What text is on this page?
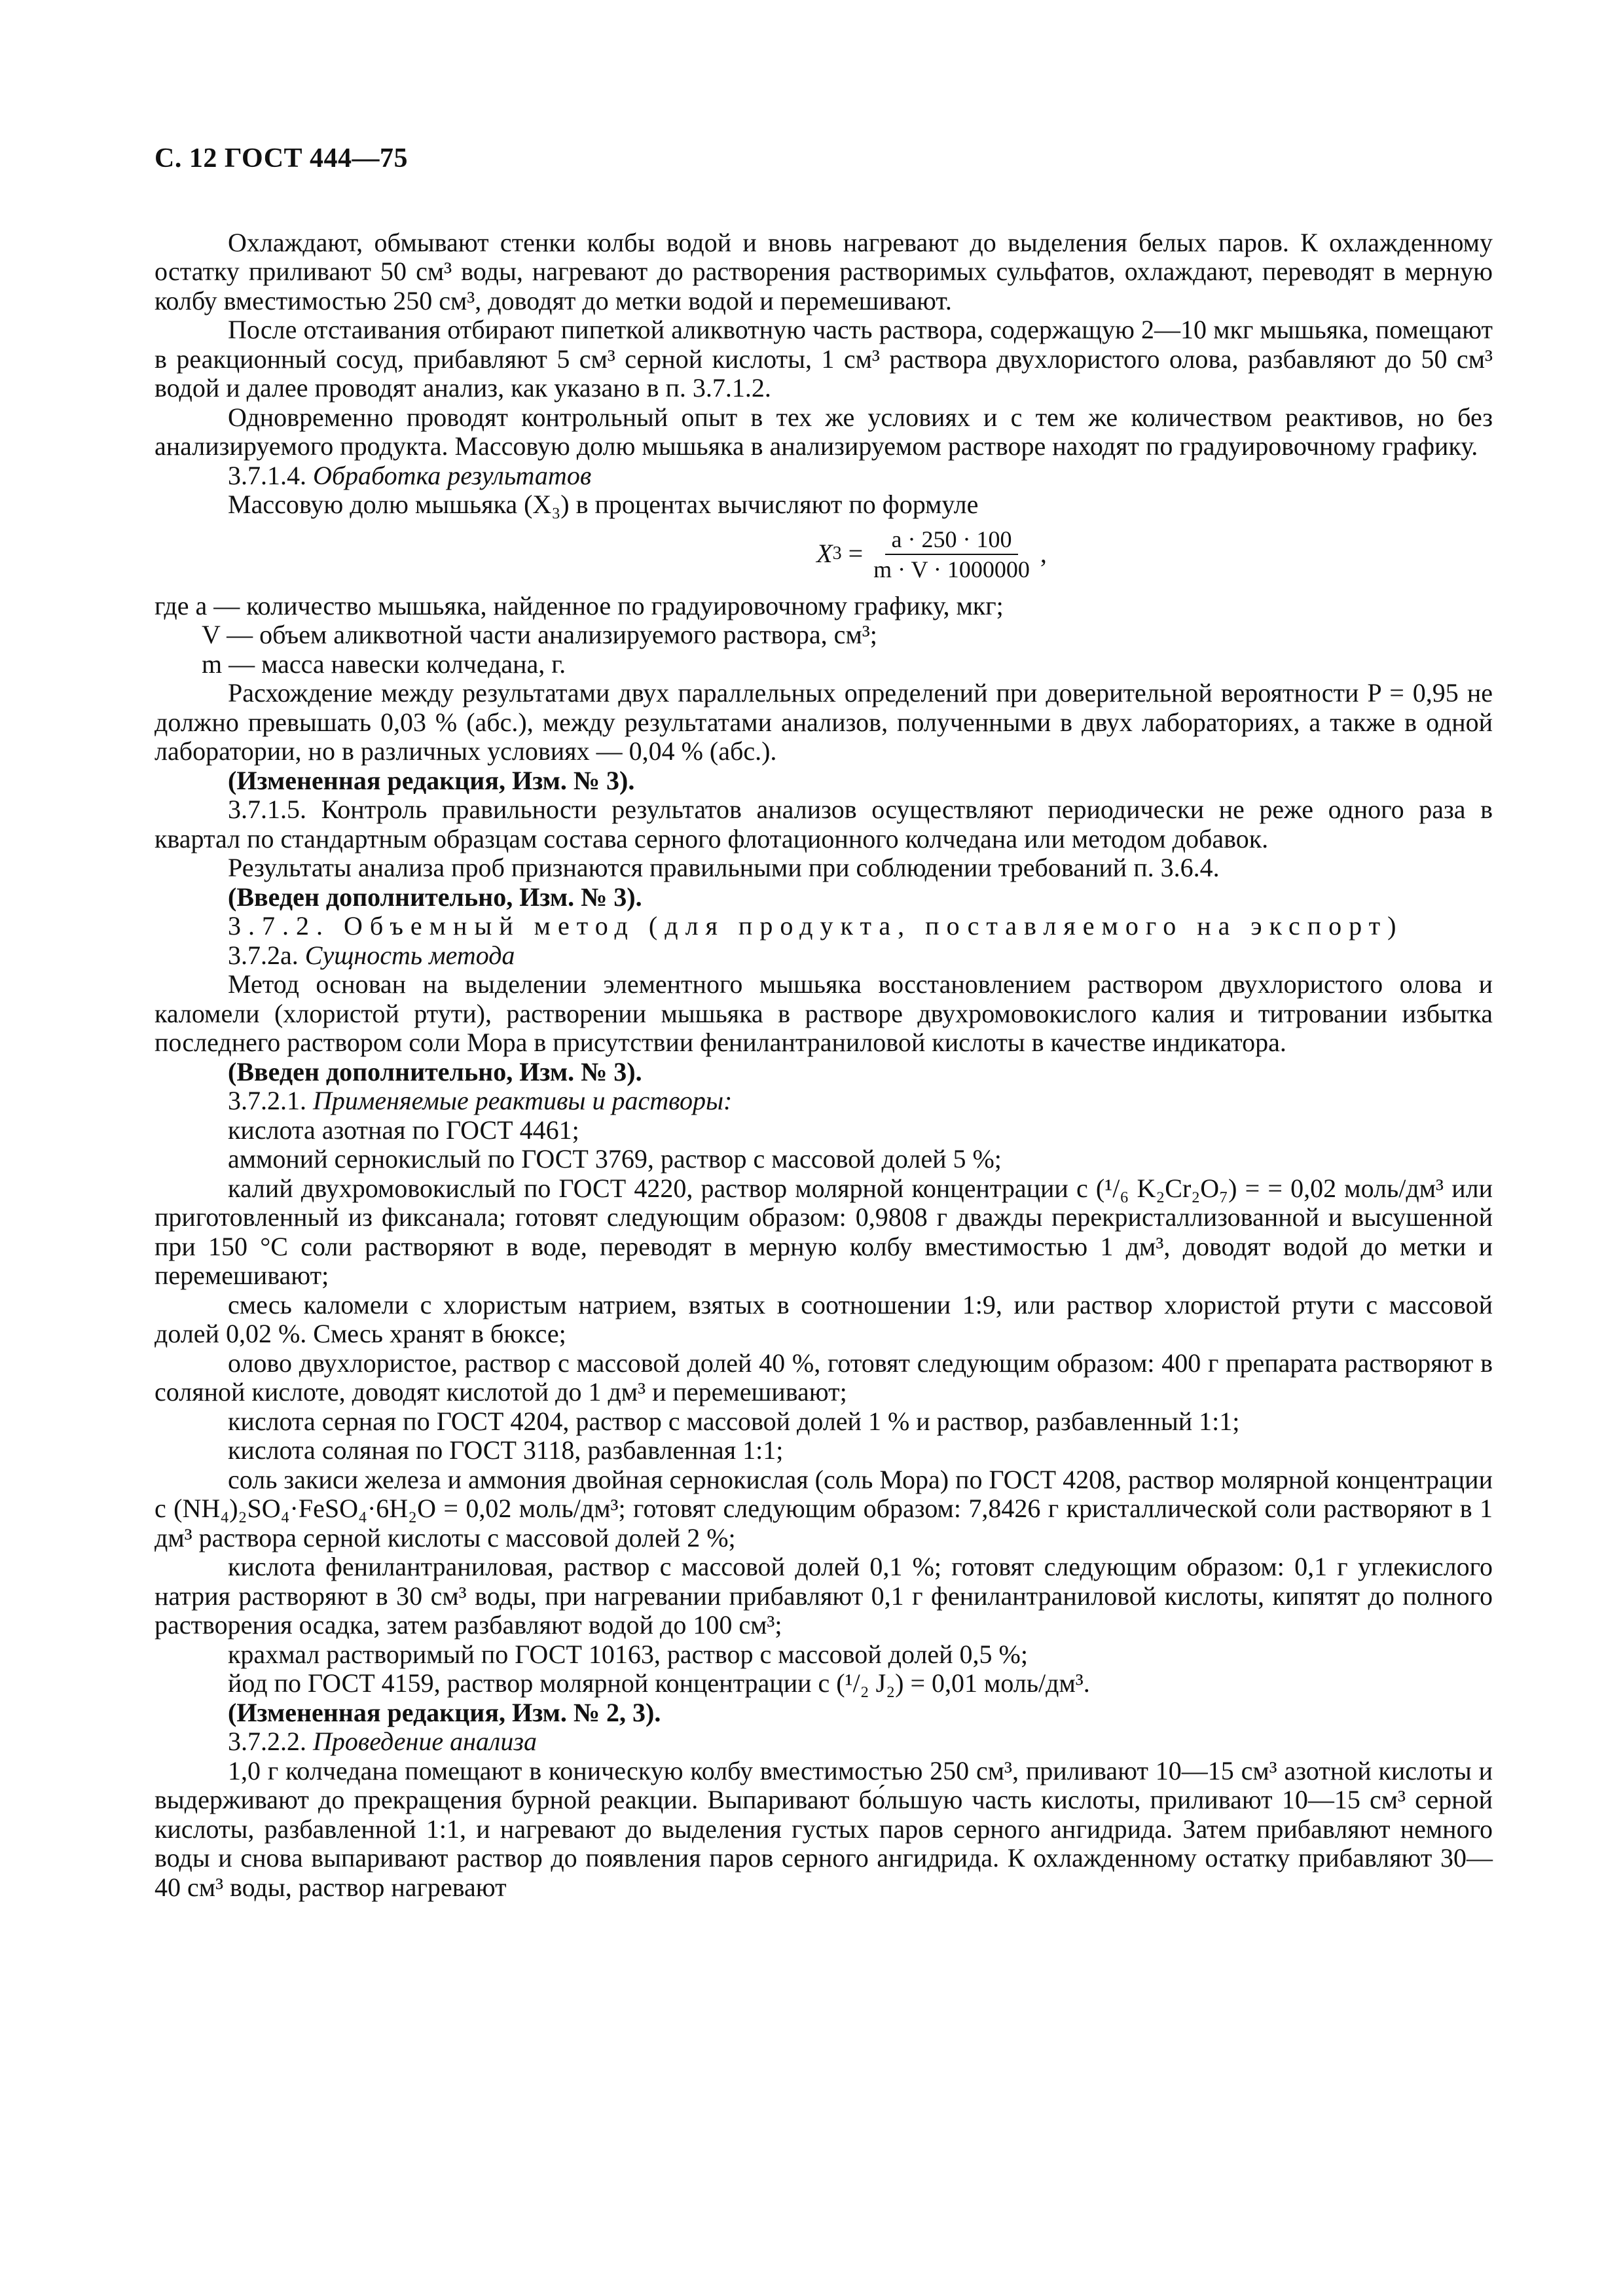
С. 12 ГОСТ 444—75

Охлаждают, обмывают стенки колбы водой и вновь нагревают до выделения белых паров. К охлажденному остатку приливают 50 см³ воды, нагревают до растворения растворимых сульфатов, охлаждают, переводят в мерную колбу вместимостью 250 см³, доводят до метки водой и перемешивают.

После отстаивания отбирают пипеткой аликвотную часть раствора, содержащую 2—10 мкг мышьяка, помещают в реакционный сосуд, прибавляют 5 см³ серной кислоты, 1 см³ раствора двухлористого олова, разбавляют до 50 см³ водой и далее проводят анализ, как указано в п. 3.7.1.2.

Одновременно проводят контрольный опыт в тех же условиях и с тем же количеством реактивов, но без анализируемого продукта. Массовую долю мышьяка в анализируемом растворе находят по градуировочному графику.

3.7.1.4. Обработка результатов

Массовую долю мышьяка (X₃) в процентах вычисляют по формуле

X $3 = \frac{a \cdot 250 \cdot 100}{m \cdot V \cdot 1000000}$ ,

где a — количество мышьяка, найденное по градуировочному графику, мкг;

V — объем аликвотной части анализируемого раствора, см³;

m — масса навески колчедана, г.

Расхождение между результатами двух параллельных определений при доверительной вероятности P = 0,95 не должно превышать 0,03 % (абс.), между результатами анализов, полученными в двух лабораториях, а также в одной лаборатории, но в различных условиях — 0,04 % (абс.).

(Измененная редакция, Изм. № 3).

3.7.1.5. Контроль правильности результатов анализов осуществляют периодически не реже одного раза в квартал по стандартным образцам состава серного флотационного колчедана или методом добавок.

Результаты анализа проб признаются правильными при соблюдении требований п. 3.6.4.

(Введен дополнительно, Изм. № 3).

3.7.2. Объемный метод (для продукта, поставляемого на экспорт)

3.7.2а. Сущность метода

Метод основан на выделении элементного мышьяка восстановлением раствором двухлористого олова и каломели (хлористой ртути), растворении мышьяка в растворе двухромовокислого калия и титровании избытка последнего раствором соли Мора в присутствии фенилантраниловой кислоты в качестве индикатора.

(Введен дополнительно, Изм. № 3).

3.7.2.1. Применяемые реактивы и растворы:

кислота азотная по ГОСТ 4461;

аммоний сернокислый по ГОСТ 3769, раствор с массовой долей 5 %;

калий двухромовокислый по ГОСТ 4220, раствор молярной концентрации c (¹/₆ K₂Cr₂O₇) = = 0,02 моль/дм³ или приготовленный из фиксанала; готовят следующим образом: 0,9808 г дважды перекристаллизованной и высушенной при 150 °С соли растворяют в воде, переводят в мерную колбу вместимостью 1 дм³, доводят водой до метки и перемешивают;

смесь каломели с хлористым натрием, взятых в соотношении 1:9, или раствор хлористой ртути с массовой долей 0,02 %. Смесь хранят в бюксе;

олово двухлористое, раствор с массовой долей 40 %, готовят следующим образом: 400 г препарата растворяют в соляной кислоте, доводят кислотой до 1 дм³ и перемешивают;

кислота серная по ГОСТ 4204, раствор с массовой долей 1 % и раствор, разбавленный 1:1;

кислота соляная по ГОСТ 3118, разбавленная 1:1;

соль закиси железа и аммония двойная сернокислая (соль Мора) по ГОСТ 4208, раствор молярной концентрации c (NH₄)₂SO₄·FeSO₄·6H₂O = 0,02 моль/дм³; готовят следующим образом: 7,8426 г кристаллической соли растворяют в 1 дм³ раствора серной кислоты с массовой долей 2 %;

кислота фенилантраниловая, раствор с массовой долей 0,1 %; готовят следующим образом: 0,1 г углекислого натрия растворяют в 30 см³ воды, при нагревании прибавляют 0,1 г фенилантраниловой кислоты, кипятят до полного растворения осадка, затем разбавляют водой до 100 см³;

крахмал растворимый по ГОСТ 10163, раствор с массовой долей 0,5 %;

йод по ГОСТ 4159, раствор молярной концентрации c (¹/₂ J₂) = 0,01 моль/дм³.

(Измененная редакция, Изм. № 2, 3).

3.7.2.2. Проведение анализа

1,0 г колчедана помещают в коническую колбу вместимостью 250 см³, приливают 10—15 см³ азотной кислоты и выдерживают до прекращения бурной реакции. Выпаривают бо́льшую часть кислоты, приливают 10—15 см³ серной кислоты, разбавленной 1:1, и нагревают до выделения густых паров серного ангидрида. Затем прибавляют немного воды и снова выпаривают раствор до появления паров серного ангидрида. К охлажденному остатку прибавляют 30—40 см³ воды, раствор нагревают
